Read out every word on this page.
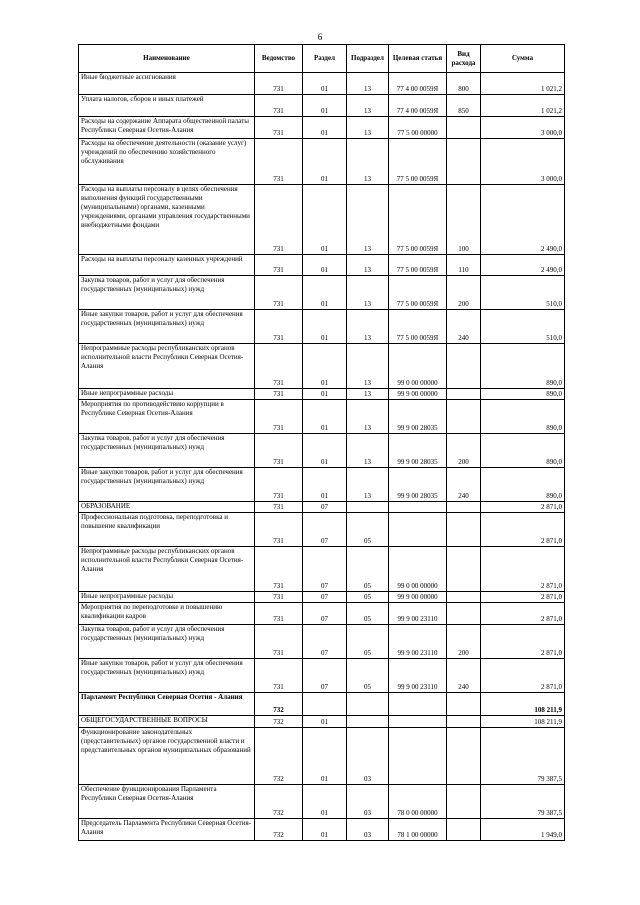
6
Наименование	Ведомство	Раздел	Подраздел	Целевая статья	Вид расхода	Сумма
Иные бюджетные ассигнования	731	01	13	77 4 00 0059Я	800	1 021,2
Уплата налогов, сборов и иных платежей	731	01	13	77 4 00 0059Я	850	1 021,2
Расходы на содержание Аппарата общественной палаты Республики Северная Осетия-Алания	731	01	13	77 5 00 00000		3 000,0
Расходы на обеспечение деятельности (оказание услуг) учреждений по обеспечению хозяйственного обслуживания	731	01	13	77 5 00 0059Я		3 000,0
Расходы на выплаты персоналу в целях обеспечения выполнения функций государственными (муниципальными) органами, казенными учреждениями, органами управления государственными внебюджетными фондами	731	01	13	77 5 00 0059Я	100	2 490,0
Расходы на выплаты персоналу казенных учреждений	731	01	13	77 5 00 0059Я	110	2 490,0
Закупка товаров, работ и услуг для обеспечения государственных (муниципальных) нужд	731	01	13	77 5 00 0059Я	200	510,0
Иные закупки товаров, работ и услуг для обеспечения государственных (муниципальных) нужд	731	01	13	77 5 00 0059Я	240	510,0
Непрограммные расходы республиканских органов исполнительной власти Республики Северная Осетия-Алания	731	01	13	99 0 00 00000		890,0
Иные непрограммные расходы	731	01	13	99 9 00 00000		890,0
Мероприятия по противодействию коррупции в Республике Северная Осетия-Алания	731	01	13	99 9 00 28035		890,0
Закупка товаров, работ и услуг для обеспечения государственных (муниципальных) нужд	731	01	13	99 9 00 28035	200	890,0
Иные закупки товаров, работ и услуг для обеспечения государственных (муниципальных) нужд	731	01	13	99 9 00 28035	240	890,0
ОБРАЗОВАНИЕ	731	07				2 871,0
Профессиональная подготовка, переподготовка и повышение квалификации	731	07	05			2 871,0
Непрограммные расходы республиканских органов исполнительной власти Республики Северная Осетия-Алания	731	07	05	99 0 00 00000		2 871,0
Иные непрограммные расходы	731	07	05	99 9 00 00000		2 871,0
Мероприятия по переподготовке и повышению квалификации кадров	731	07	05	99 9 00 23110		2 871,0
Закупка товаров, работ и услуг для обеспечения государственных (муниципальных) нужд	731	07	05	99 9 00 23110	200	2 871,0
Иные закупки товаров, работ и услуг для обеспечения государственных (муниципальных) нужд	731	07	05	99 9 00 23110	240	2 871,0
Парламент Республики Северная Осетия - Алания	732					108 211,9
ОБЩЕГОСУДАРСТВЕННЫЕ ВОПРОСЫ	732	01				108 211,9
Функционирование законодательных (представительных) органов государственной власти и представительных органов муниципальных образований	732	01	03			79 387,5
Обеспечение функционирования Парламента Республики Северная Осетия-Алания	732	01	03	78 0 00 00000		79 387,5
Председатель Парламента Республики Северная Осетия-Алания	732	01	03	78 1 00 00000		1 949,0
